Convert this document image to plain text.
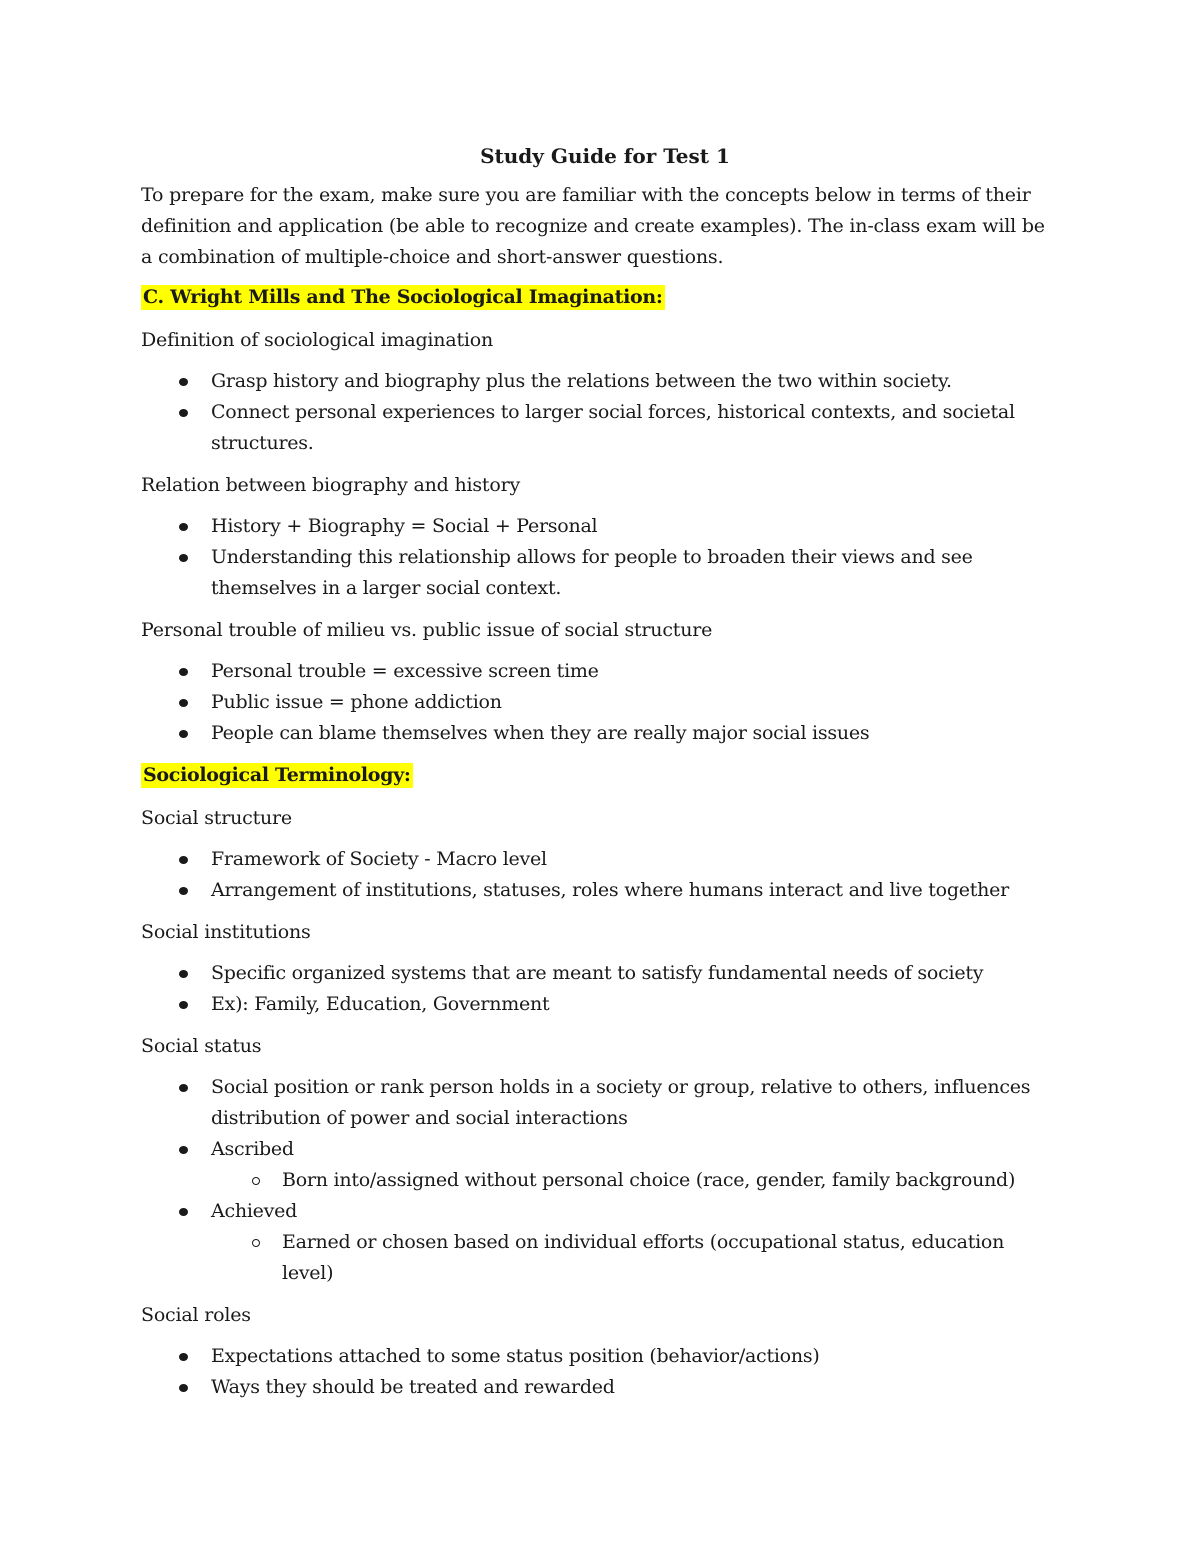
Study Guide for Test 1

To prepare for the exam, make sure you are familiar with the concepts below in terms of their definition and application (be able to recognize and create examples). The in-class exam will be a combination of multiple-choice and short-answer questions.

C. Wright Mills and The Sociological Imagination:
Definition of sociological imagination
Grasp history and biography plus the relations between the two within society.
Connect personal experiences to larger social forces, historical contexts, and societal structures.
Relation between biography and history
History + Biography = Social + Personal
Understanding this relationship allows for people to broaden their views and see themselves in a larger social context.
Personal trouble of milieu vs. public issue of social structure
Personal trouble = excessive screen time
Public issue = phone addiction
People can blame themselves when they are really major social issues
Sociological Terminology:
Social structure
Framework of Society - Macro level
Arrangement of institutions, statuses, roles where humans interact and live together
Social institutions
Specific organized systems that are meant to satisfy fundamental needs of society
Ex): Family, Education, Government
Social status
Social position or rank person holds in a society or group, relative to others, influences distribution of power and social interactions
Ascribed
Born into/assigned without personal choice (race, gender, family background)
Achieved
Earned or chosen based on individual efforts (occupational status, education level)
Social roles
Expectations attached to some status position (behavior/actions)
Ways they should be treated and rewarded
